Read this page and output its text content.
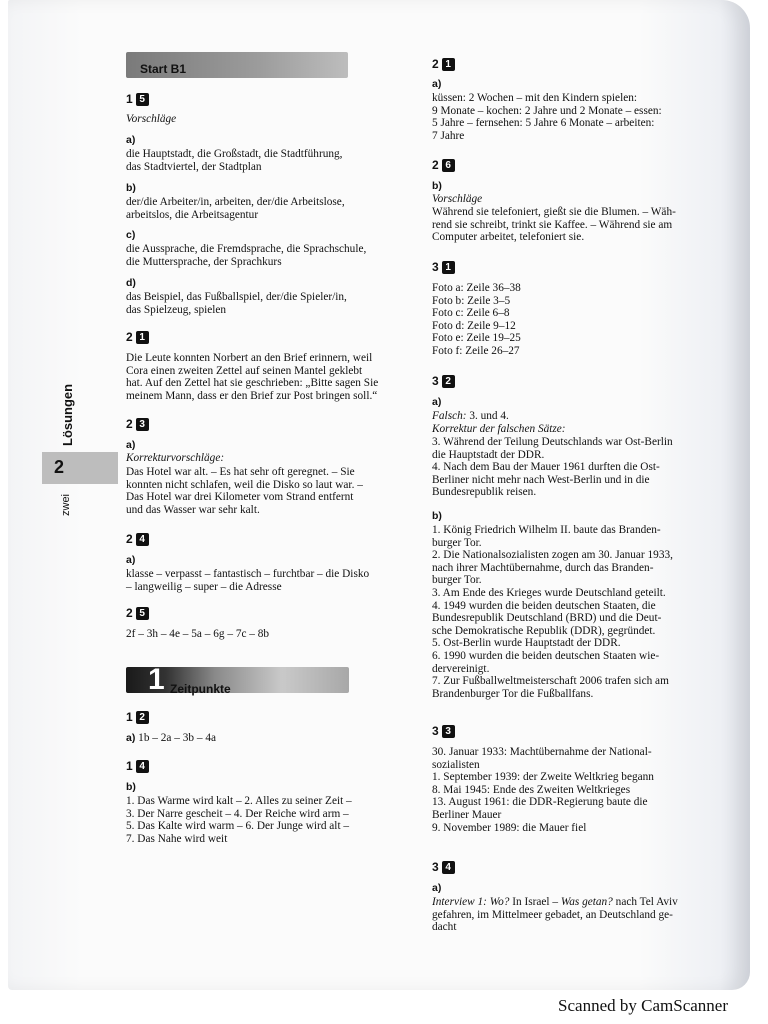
2
Lösungen
zwei
Start B1
1 5
Vorschläge
a)
die Hauptstadt, die Großstadt, die Stadtführung,
das Stadtviertel, der Stadtplan
b)
der/die Arbeiter/in, arbeiten, der/die Arbeitslose,
arbeitslos, die Arbeitsagentur
c)
die Aussprache, die Fremdsprache, die Sprachschule,
die Muttersprache, der Sprachkurs
d)
das Beispiel, das Fußballspiel, der/die Spieler/in,
das Spielzeug, spielen
2 1
Die Leute konnten Norbert an den Brief erinnern, weil
Cora einen zweiten Zettel auf seinen Mantel geklebt
hat. Auf den Zettel hat sie geschrieben: „Bitte sagen Sie
meinem Mann, dass er den Brief zur Post bringen soll.“
2 3
a)
Korrekturvorschläge:
Das Hotel war alt. – Es hat sehr oft geregnet. – Sie
konnten nicht schlafen, weil die Disko so laut war. –
Das Hotel war drei Kilometer vom Strand entfernt
und das Wasser war sehr kalt.
2 4
a)
klasse – verpasst – fantastisch – furchtbar – die Disko
– langweilig – super – die Adresse
2 5
2f – 3h – 4e – 5a – 6g – 7c – 8b
1 Zeitpunkte
1 2
a) 1b – 2a – 3b – 4a
1 4
b)
1. Das Warme wird kalt – 2. Alles zu seiner Zeit –
3. Der Narre gescheit – 4. Der Reiche wird arm –
5. Das Kalte wird warm – 6. Der Junge wird alt –
7. Das Nahe wird weit
2 1
a)
küssen: 2 Wochen – mit den Kindern spielen:
9 Monate – kochen: 2 Jahre und 2 Monate – essen:
5 Jahre – fernsehen: 5 Jahre 6 Monate – arbeiten:
7 Jahre
2 6
b)
Vorschläge
Während sie telefoniert, gießt sie die Blumen. – Wäh-
rend sie schreibt, trinkt sie Kaffee. – Während sie am
Computer arbeitet, telefoniert sie.
3 1
Foto a: Zeile 36–38
Foto b: Zeile 3–5
Foto c: Zeile 6–8
Foto d: Zeile 9–12
Foto e: Zeile 19–25
Foto f: Zeile 26–27
3 2
a)
Falsch: 3. und 4.
Korrektur der falschen Sätze:
3. Während der Teilung Deutschlands war Ost-Berlin
die Hauptstadt der DDR.
4. Nach dem Bau der Mauer 1961 durften die Ost-
Berliner nicht mehr nach West-Berlin und in die
Bundesrepublik reisen.
b)
1. König Friedrich Wilhelm II. baute das Branden-
burger Tor.
2. Die Nationalsozialisten zogen am 30. Januar 1933,
nach ihrer Machtübernahme, durch das Branden-
burger Tor.
3. Am Ende des Krieges wurde Deutschland geteilt.
4. 1949 wurden die beiden deutschen Staaten, die
Bundesrepublik Deutschland (BRD) und die Deut-
sche Demokratische Republik (DDR), gegründet.
5. Ost-Berlin wurde Hauptstadt der DDR.
6. 1990 wurden die beiden deutschen Staaten wie-
dervereinigt.
7. Zur Fußballweltmeisterschaft 2006 trafen sich am
Brandenburger Tor die Fußballfans.
3 3
30. Januar 1933: Machtübernahme der National-
sozialisten
1. September 1939: der Zweite Weltkrieg begann
8. Mai 1945: Ende des Zweiten Weltkrieges
13. August 1961: die DDR-Regierung baute die
Berliner Mauer
9. November 1989: die Mauer fiel
3 4
a)
Interview 1: Wo? In Israel – Was getan? nach Tel Aviv
gefahren, im Mittelmeer gebadet, an Deutschland ge-
dacht
Scanned by CamScanner
